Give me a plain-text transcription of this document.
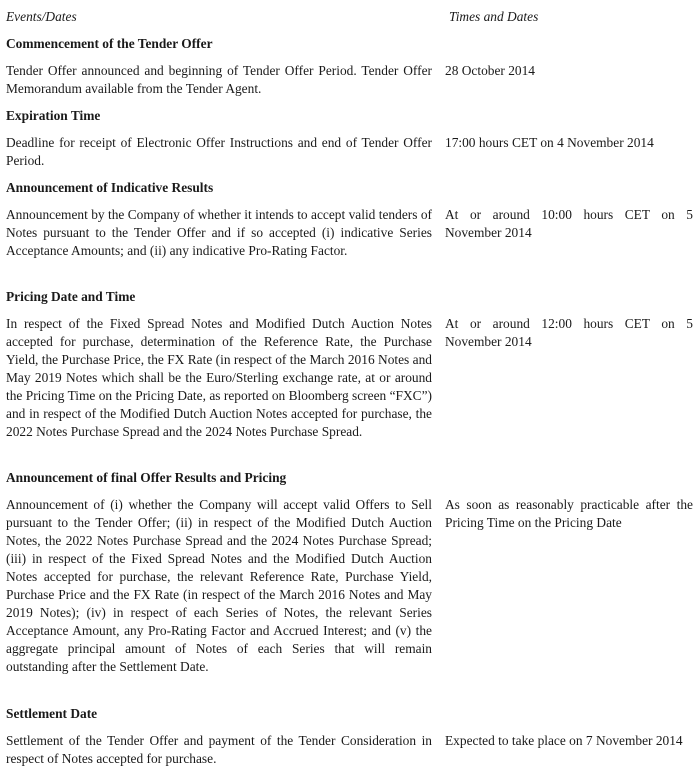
Events/Dates	Times and Dates
Commencement of the Tender Offer
Tender Offer announced and beginning of Tender Offer Period. Tender Offer Memorandum available from the Tender Agent.
28 October 2014
Expiration Time
Deadline for receipt of Electronic Offer Instructions and end of Tender Offer Period.
17:00 hours CET on 4 November 2014
Announcement of Indicative Results
Announcement by the Company of whether it intends to accept valid tenders of Notes pursuant to the Tender Offer and if so accepted (i) indicative Series Acceptance Amounts; and (ii) any indicative Pro-Rating Factor.
At or around 10:00 hours CET on 5 November 2014
Pricing Date and Time
In respect of the Fixed Spread Notes and Modified Dutch Auction Notes accepted for purchase, determination of the Reference Rate, the Purchase Yield, the Purchase Price, the FX Rate (in respect of the March 2016 Notes and May 2019 Notes which shall be the Euro/Sterling exchange rate, at or around the Pricing Time on the Pricing Date, as reported on Bloomberg screen “FXC”) and in respect of the Modified Dutch Auction Notes accepted for purchase, the 2022 Notes Purchase Spread and the 2024 Notes Purchase Spread.
At or around 12:00 hours CET on 5 November 2014
Announcement of final Offer Results and Pricing
Announcement of (i) whether the Company will accept valid Offers to Sell pursuant to the Tender Offer; (ii) in respect of the Modified Dutch Auction Notes, the 2022 Notes Purchase Spread and the 2024 Notes Purchase Spread; (iii) in respect of the Fixed Spread Notes and the Modified Dutch Auction Notes accepted for purchase, the relevant Reference Rate, Purchase Yield, Purchase Price and the FX Rate (in respect of the March 2016 Notes and May 2019 Notes); (iv) in respect of each Series of Notes, the relevant Series Acceptance Amount, any Pro-Rating Factor and Accrued Interest; and (v) the aggregate principal amount of Notes of each Series that will remain outstanding after the Settlement Date.
As soon as reasonably practicable after the Pricing Time on the Pricing Date
Settlement Date
Settlement of the Tender Offer and payment of the Tender Consideration in respect of Notes accepted for purchase.
Expected to take place on 7 November 2014
